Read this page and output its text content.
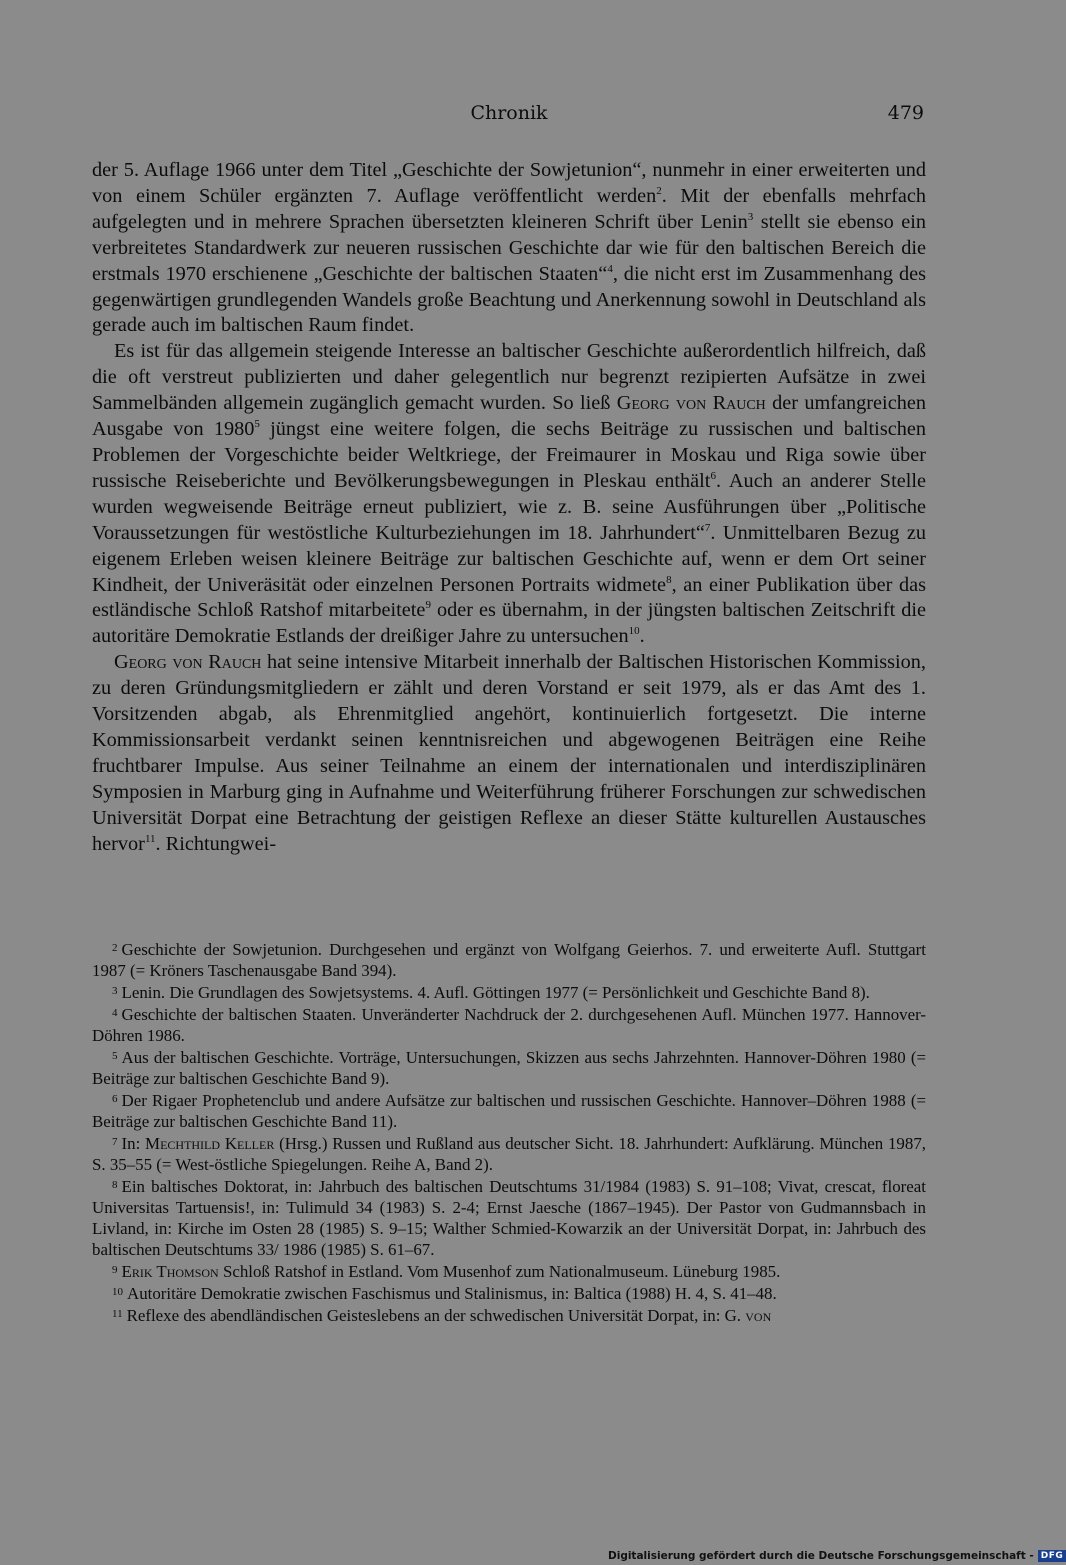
Chronik	479

der 5. Auflage 1966 unter dem Titel „Geschichte der Sowjetunion“, nunmehr in einer erweiterten und von einem Schüler ergänzten 7. Auflage veröffentlicht werden$^2$. Mit der ebenfalls mehrfach aufgelegten und in mehrere Sprachen übersetzten kleineren Schrift über Lenin$^3$ stellt sie ebenso ein verbreitetes Standardwerk zur neueren russischen Geschichte dar wie für den baltischen Bereich die erstmals 1970 erschienene „Geschichte der baltischen Staaten“$^4$, die nicht erst im Zusammenhang des gegenwärtigen grundlegenden Wandels große Beachtung und Anerkennung sowohl in Deutschland als gerade auch im baltischen Raum findet.

Es ist für das allgemein steigende Interesse an baltischer Geschichte außerordentlich hilfreich, daß die oft verstreut publizierten und daher gelegentlich nur begrenzt rezipierten Aufsätze in zwei Sammelbänden allgemein zugänglich gemacht wurden. So ließ Georg von Rauch der umfangreichen Ausgabe von 1980$^5$ jüngst eine weitere folgen, die sechs Beiträge zu russischen und baltischen Problemen der Vorgeschichte beider Weltkriege, der Freimaurer in Moskau und Riga sowie über russische Reiseberichte und Bevölkerungsbewegungen in Pleskau enthält$^6$. Auch an anderer Stelle wurden wegweisende Beiträge erneut publiziert, wie z. B. seine Ausführungen über „Politische Voraussetzungen für westöstliche Kulturbeziehungen im 18. Jahrhundert“$^7$. Unmittelbaren Bezug zu eigenem Erleben weisen kleinere Beiträge zur baltischen Geschichte auf, wenn er dem Ort seiner Kindheit, der Univeräsität oder einzelnen Personen Portraits widmete$^8$, an einer Publikation über das estländische Schloß Ratshof mitarbeitete$^9$ oder es übernahm, in der jüngsten baltischen Zeitschrift die autoritäre Demokratie Estlands der dreißiger Jahre zu untersuchen$^{10}$.

Georg von Rauch hat seine intensive Mitarbeit innerhalb der Baltischen Historischen Kommission, zu deren Gründungsmitgliedern er zählt und deren Vorstand er seit 1979, als er das Amt des 1. Vorsitzenden abgab, als Ehrenmitglied angehört, kontinuierlich fortgesetzt. Die interne Kommissionsarbeit verdankt seinen kenntnisreichen und abgewogenen Beiträgen eine Reihe fruchtbarer Impulse. Aus seiner Teilnahme an einem der internationalen und interdisziplinären Symposien in Marburg ging in Aufnahme und Weiterführung früherer Forschungen zur schwedischen Universität Dorpat eine Betrachtung der geistigen Reflexe an dieser Stätte kulturellen Austausches hervor$^{11}$. Richtungwei-

$^2$ Geschichte der Sowjetunion. Durchgesehen und ergänzt von Wolfgang Geierhos. 7. und erweiterte Aufl. Stuttgart 1987 (= Kröners Taschenausgabe Band 394).

$^3$ Lenin. Die Grundlagen des Sowjetsystems. 4. Aufl. Göttingen 1977 (= Persönlichkeit und Geschichte Band 8).

$^4$ Geschichte der baltischen Staaten. Unveränderter Nachdruck der 2. durchgesehenen Aufl. München 1977. Hannover-Döhren 1986.

$^5$ Aus der baltischen Geschichte. Vorträge, Untersuchungen, Skizzen aus sechs Jahrzehnten. Hannover-Döhren 1980 (= Beiträge zur baltischen Geschichte Band 9).

$^6$ Der Rigaer Prophetenclub und andere Aufsätze zur baltischen und russischen Geschichte. Hannover–Döhren 1988 (= Beiträge zur baltischen Geschichte Band 11).

$^7$ In: Mechthild Keller (Hrsg.) Russen und Rußland aus deutscher Sicht. 18. Jahrhundert: Aufklärung. München 1987, S. 35–55 (= West-östliche Spiegelungen. Reihe A, Band 2).

$^8$ Ein baltisches Doktorat, in: Jahrbuch des baltischen Deutschtums 31/1984 (1983) S. 91–108; Vivat, crescat, floreat Universitas Tartuensis!, in: Tulimuld 34 (1983) S. 2-4; Ernst Jaesche (1867–1945). Der Pastor von Gudmannsbach in Livland, in: Kirche im Osten 28 (1985) S. 9–15; Walther Schmied-Kowarzik an der Universität Dorpat, in: Jahrbuch des baltischen Deutschtums 33/ 1986 (1985) S. 61–67.

$^9$ Erik Thomson Schloß Ratshof in Estland. Vom Musenhof zum Nationalmuseum. Lüneburg 1985.

$^{10}$ Autoritäre Demokratie zwischen Faschismus und Stalinismus, in: Baltica (1988) H. 4, S. 41–48.

$^{11}$ Reflexe des abendländischen Geisteslebens an der schwedischen Universität Dorpat, in: G. von

Digitalisierung gefördert durch die Deutsche Forschungsgemeinschaft - DFG
